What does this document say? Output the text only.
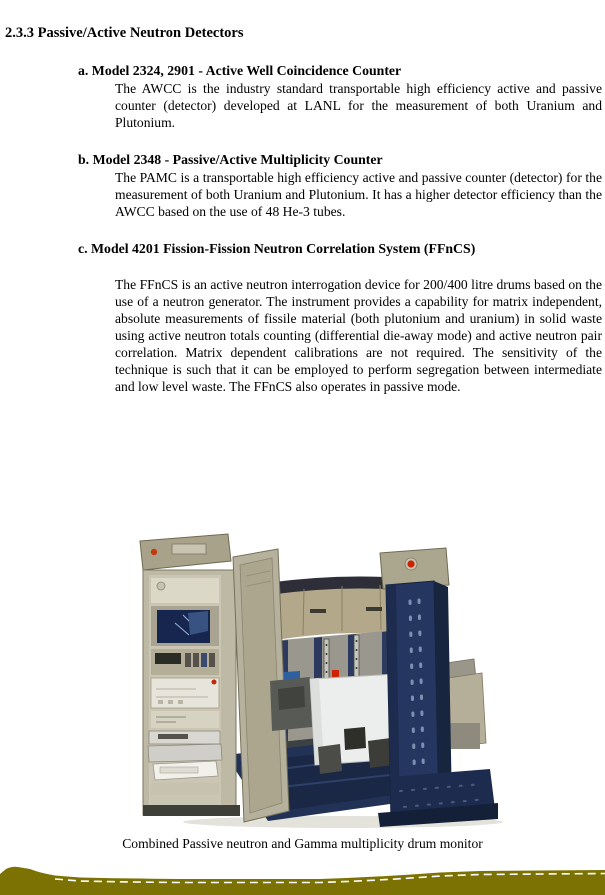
2.3.3 Passive/Active Neutron Detectors
a. Model 2324, 2901 - Active Well Coincidence Counter
The AWCC is the industry standard transportable high efficiency active and passive counter (detector) developed at LANL for the measurement of both Uranium and Plutonium.
b. Model 2348 - Passive/Active Multiplicity Counter
The PAMC is a transportable high efficiency active and passive counter (detector) for the measurement of both Uranium and Plutonium. It has a higher detector efficiency than the AWCC based on the use of 48 He-3 tubes.
c. Model 4201 Fission-Fission Neutron Correlation System (FFnCS)
The FFnCS is an active neutron interrogation device for 200/400 litre drums based on the use of a neutron generator. The instrument provides a capability for matrix independent, absolute measurements of fissile material (both plutonium and uranium) in solid waste using active neutron totals counting (differential die-away mode) and active neutron pair correlation. Matrix dependent calibrations are not required. The sensitivity of the technique is such that it can be employed to perform segregation between intermediate and low level waste. The FFnCS also operates in passive mode.
Combined Passive neutron and Gamma multiplicity drum monitor
